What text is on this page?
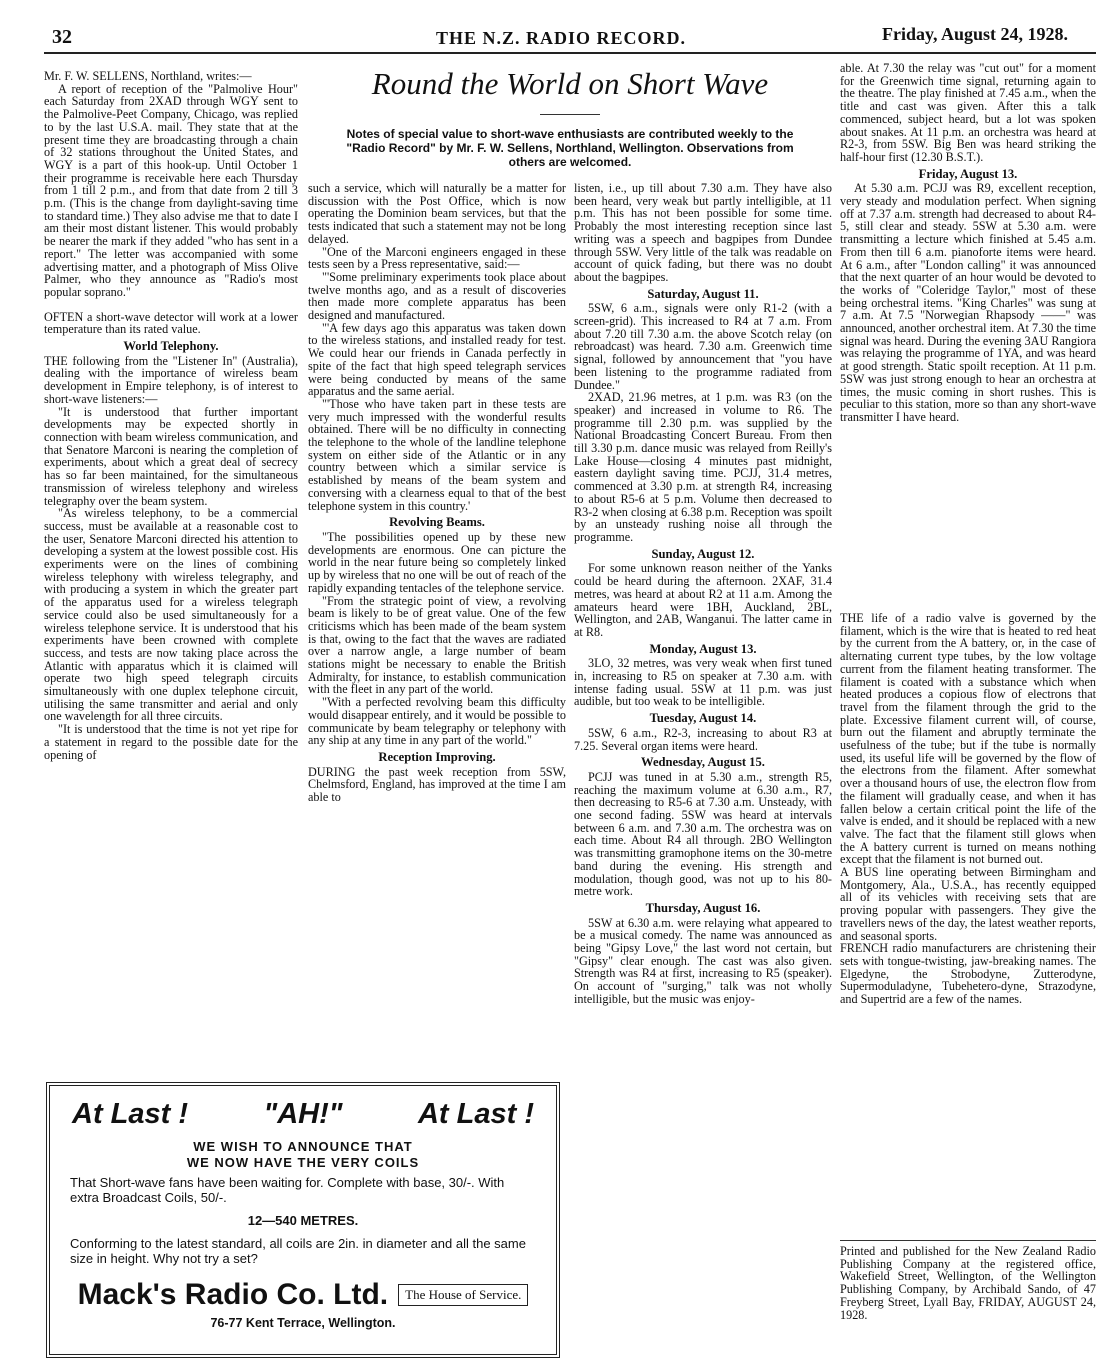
32	THE N.Z. RADIO RECORD.	Friday, August 24, 1928.

Mr. F. W. SELLENS, Northland, writes:—

A report of reception of the "Palmolive Hour" each Saturday from 2XAD through WGY sent to the Palmolive-Peet Company, Chicago, was replied to by the last U.S.A. mail. They state that at the present time they are broadcasting through a chain of 32 stations throughout the United States, and WGY is a part of this hook-up. Until October 1 their programme is receivable here each Thursday from 1 till 2 p.m., and from that date from 2 till 3 p.m. (This is the change from daylight-saving time to standard time.) They also advise me that to date I am their most distant listener. This would probably be nearer the mark if they added "who has sent in a report." The letter was accompanied with some advertising matter, and a photograph of Miss Olive Palmer, who they announce as "Radio's most popular soprano."

OFTEN a short-wave detector will work at a lower temperature than its rated value.

World Telephony.

THE following from the "Listener In" (Australia), dealing with the importance of wireless beam development in Empire telephony, is of interest to short-wave listeners:—

"It is understood that further important developments may be expected shortly in connection with beam wireless communication, and that Senatore Marconi is nearing the completion of experiments, about which a great deal of secrecy has so far been maintained, for the simultaneous transmission of wireless telephony and wireless telegraphy over the beam system.

"As wireless telephony, to be a commercial success, must be available at a reasonable cost to the user, Senatore Marconi directed his attention to developing a system at the lowest possible cost. His experiments were on the lines of combining wireless telephony with wireless telegraphy, and with producing a system in which the greater part of the apparatus used for a wireless telegraph service could also be used simultaneously for a wireless telephone service. It is understood that his experiments have been crowned with complete success, and tests are now taking place across the Atlantic with apparatus which it is claimed will operate two high speed telegraph circuits simultaneously with one duplex telephone circuit, utilising the same transmitter and aerial and only one wavelength for all three circuits.

"It is understood that the time is not yet ripe for a statement in regard to the possible date for the opening of

Round the World on Short Wave
Notes of special value to short-wave enthusiasts are contributed weekly to the "Radio Record" by Mr. F. W. Sellens, Northland, Wellington. Observations from others are welcomed.

such a service, which will naturally be a matter for discussion with the Post Office, which is now operating the Dominion beam services, but that the tests indicated that such a statement may not be long delayed.

"One of the Marconi engineers engaged in these tests seen by a Press representative, said:—

"'Some preliminary experiments took place about twelve months ago, and as a result of discoveries then made more complete apparatus has been designed and manufactured.

"'A few days ago this apparatus was taken down to the wireless stations, and installed ready for test. We could hear our friends in Canada perfectly in spite of the fact that high speed telegraph services were being conducted by means of the same apparatus and the same aerial.

"'Those who have taken part in these tests are very much impressed with the wonderful results obtained. There will be no difficulty in connecting the telephone to the whole of the landline telephone system on either side of the Atlantic or in any country between which a similar service is established by means of the beam system and conversing with a clearness equal to that of the best telephone system in this country.'

Revolving Beams.

"The possibilities opened up by these new developments are enormous. One can picture the world in the near future being so completely linked up by wireless that no one will be out of reach of the rapidly expanding tentacles of the telephone service.

"From the strategic point of view, a revolving beam is likely to be of great value. One of the few criticisms which has been made of the beam system is that, owing to the fact that the waves are radiated over a narrow angle, a large number of beam stations might be necessary to enable the British Admiralty, for instance, to establish communication with the fleet in any part of the world.

"With a perfected revolving beam this difficulty would disappear entirely, and it would be possible to communicate by beam telegraphy or telephony with any ship at any time in any part of the world."

Reception Improving.

DURING the past week reception from 5SW, Chelmsford, England, has improved at the time I am able to

listen, i.e., up till about 7.30 a.m. They have also been heard, very weak but partly intelligible, at 11 p.m. This has not been possible for some time. Probably the most interesting reception since last writing was a speech and bagpipes from Dundee through 5SW. Very little of the talk was readable on account of quick fading, but there was no doubt about the bagpipes.

Saturday, August 11.

5SW, 6 a.m., signals were only R1-2 (with a screen-grid). This increased to R4 at 7 a.m. From about 7.20 till 7.30 a.m. the above Scotch relay (on rebroadcast) was heard. 7.30 a.m. Greenwich time signal, followed by announcement that "you have been listening to the programme radiated from Dundee."

2XAD, 21.96 metres, at 1 p.m. was R3 (on the speaker) and increased in volume to R6. The programme till 2.30 p.m. was supplied by the National Broadcasting Concert Bureau. From then till 3.30 p.m. dance music was relayed from Reilly's Lake House—closing 4 minutes past midnight, eastern daylight saving time. PCJJ, 31.4 metres, commenced at 3.30 p.m. at strength R4, increasing to about R5-6 at 5 p.m. Volume then decreased to R3-2 when closing at 6.38 p.m. Reception was spoilt by an unsteady rushing noise all through the programme.

Sunday, August 12.

For some unknown reason neither of the Yanks could be heard during the afternoon. 2XAF, 31.4 metres, was heard at about R2 at 11 a.m. Among the amateurs heard were 1BH, Auckland, 2BL, Wellington, and 2AB, Wanganui. The latter came in at R8.

Monday, August 13.

3LO, 32 metres, was very weak when first tuned in, increasing to R5 on speaker at 7.30 a.m. with intense fading usual. 5SW at 11 p.m. was just audible, but too weak to be intelligible.

Tuesday, August 14.

5SW, 6 a.m., R2-3, increasing to about R3 at 7.25. Several organ items were heard.

Wednesday, August 15.

PCJJ was tuned in at 5.30 a.m., strength R5, reaching the maximum volume at 6.30 a.m., R7, then decreasing to R5-6 at 7.30 a.m. Unsteady, with one second fading. 5SW was heard at intervals between 6 a.m. and 7.30 a.m. The orchestra was on each time. About R4 all through. 2BO Wellington was transmitting gramophone items on the 30-metre band during the evening. His strength and modulation, though good, was not up to his 80-metre work.

Thursday, August 16.

5SW at 6.30 a.m. were relaying what appeared to be a musical comedy. The name was announced as being "Gipsy Love," the last word not certain, but "Gipsy" clear enough. The cast was also given. Strength was R4 at first, increasing to R5 (speaker). On account of "surging," talk was not wholly intelligible, but the music was enjoy-

able. At 7.30 the relay was "cut out" for a moment for the Greenwich time signal, returning again to the theatre. The play finished at 7.45 a.m., when the title and cast was given. After this a talk commenced, subject heard, but a lot was spoken about snakes. At 11 p.m. an orchestra was heard at R2-3, from 5SW. Big Ben was heard striking the half-hour first (12.30 B.S.T.).

Friday, August 13.

At 5.30 a.m. PCJJ was R9, excellent reception, very steady and modulation perfect. When signing off at 7.37 a.m. strength had decreased to about R4-5, still clear and steady. 5SW at 5.30 a.m. were transmitting a lecture which finished at 5.45 a.m. From then till 6 a.m. pianoforte items were heard. At 6 a.m., after "London calling" it was announced that the next quarter of an hour would be devoted to the works of "Coleridge Taylor," most of these being orchestral items. "King Charles" was sung at 7 a.m. At 7.5 "Norwegian Rhapsody ——" was announced, another orchestral item. At 7.30 the time signal was heard. During the evening 3AU Rangiora was relaying the programme of 1YA, and was heard at good strength. Static spoilt reception. At 11 p.m. 5SW was just strong enough to hear an orchestra at times, the music coming in short rushes. This is peculiar to this station, more so than any short-wave transmitter I have heard.

THE life of a radio valve is governed by the filament, which is the wire that is heated to red heat by the current from the A battery, or, in the case of alternating current type tubes, by the low voltage current from the filament heating transformer. The filament is coated with a substance which when heated produces a copious flow of electrons that travel from the filament through the grid to the plate. Excessive filament current will, of course, burn out the filament and abruptly terminate the usefulness of the tube; but if the tube is normally used, its useful life will be governed by the flow of the electrons from the filament. After somewhat over a thousand hours of use, the electron flow from the filament will gradually cease, and when it has fallen below a certain critical point the life of the valve is ended, and it should be replaced with a new valve. The fact that the filament still glows when the A battery current is turned on means nothing except that the filament is not burned out.

A BUS line operating between Birmingham and Montgomery, Ala., U.S.A., has recently equipped all of its vehicles with receiving sets that are proving popular with passengers. They give the travellers news of the day, the latest weather reports, and seasonal sports.

FRENCH radio manufacturers are christening their sets with tongue-twisting, jaw-breaking names. The Elgedyne, the Strobodyne, Zutterodyne, Supermoduladyne, Tubehetero-dyne, Strazodyne, and Supertrid are a few of the names.

Printed and published for the New Zealand Radio Publishing Company at the registered office, Wakefield Street, Wellington, of the Wellington Publishing Company, by Archibald Sando, of 47 Freyberg Street, Lyall Bay, FRIDAY, AUGUST 24, 1928.
At Last !	"AH!"	At Last !
WE WISH TO ANNOUNCE THAT
WE NOW HAVE THE VERY COILS
That Short-wave fans have been waiting for. Complete with base, 30/-. With extra Broadcast Coils, 50/-.
12—540 METRES.
Conforming to the latest standard, all coils are 2in. in diameter and all the same size in height. Why not try a set?
Mack's Radio Co. Ltd.	The House of Service.
76-77 Kent Terrace, Wellington.
